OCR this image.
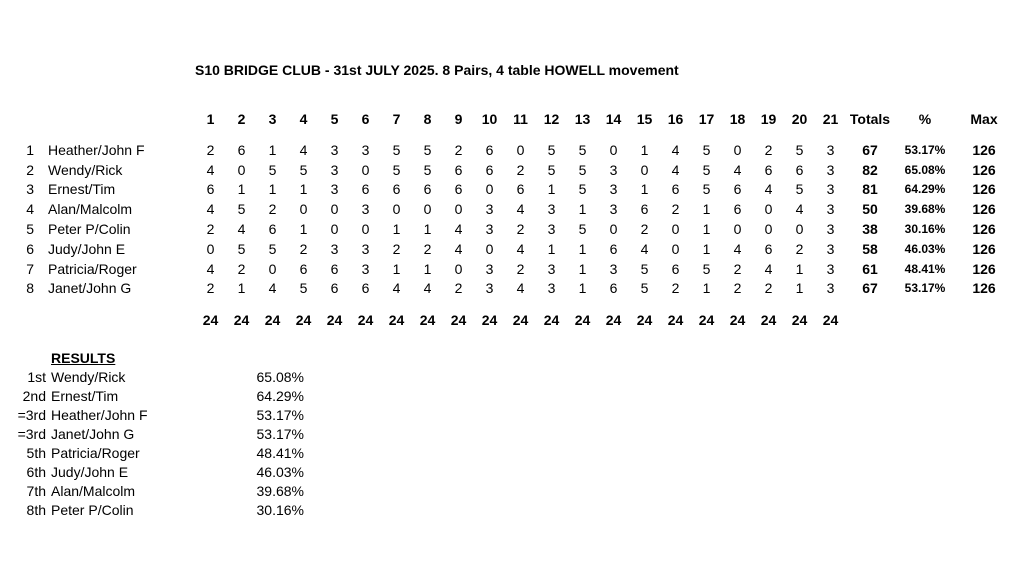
S10 BRIDGE CLUB - 31st JULY 2025. 8 Pairs, 4 table HOWELL movement
		1	2	3	4	5	6	7	8	9	10	11	12	13	14	15	16	17	18	19	20	21	Totals	%	Max
1	Heather/John F	2	6	1	4	3	3	5	5	2	6	0	5	5	0	1	4	5	0	2	5	3	67	53.17%	126
2	Wendy/Rick	4	0	5	5	3	0	5	5	6	6	2	5	5	3	0	4	5	4	6	6	3	82	65.08%	126
3	Ernest/Tim	6	1	1	1	3	6	6	6	6	0	6	1	5	3	1	6	5	6	4	5	3	81	64.29%	126
4	Alan/Malcolm	4	5	2	0	0	3	0	0	0	3	4	3	1	3	6	2	1	6	0	4	3	50	39.68%	126
5	Peter P/Colin	2	4	6	1	0	0	1	1	4	3	2	3	5	0	2	0	1	0	0	0	3	38	30.16%	126
6	Judy/John E	0	5	5	2	3	3	2	2	4	0	4	1	1	6	4	0	1	4	6	2	3	58	46.03%	126
7	Patricia/Roger	4	2	0	6	6	3	1	1	0	3	2	3	1	3	5	6	5	2	4	1	3	61	48.41%	126
8	Janet/John G	2	1	4	5	6	6	4	4	2	3	4	3	1	6	5	2	1	2	2	1	3	67	53.17%	126
		24	24	24	24	24	24	24	24	24	24	24	24	24	24	24	24	24	24	24	24	24			
RESULTS		
1st	Wendy/Rick	65.08%
2nd	Ernest/Tim	64.29%
=3rd	Heather/John F	53.17%
=3rd	Janet/John G	53.17%
5th	Patricia/Roger	48.41%
6th	Judy/John E	46.03%
7th	Alan/Malcolm	39.68%
8th	Peter P/Colin	30.16%
